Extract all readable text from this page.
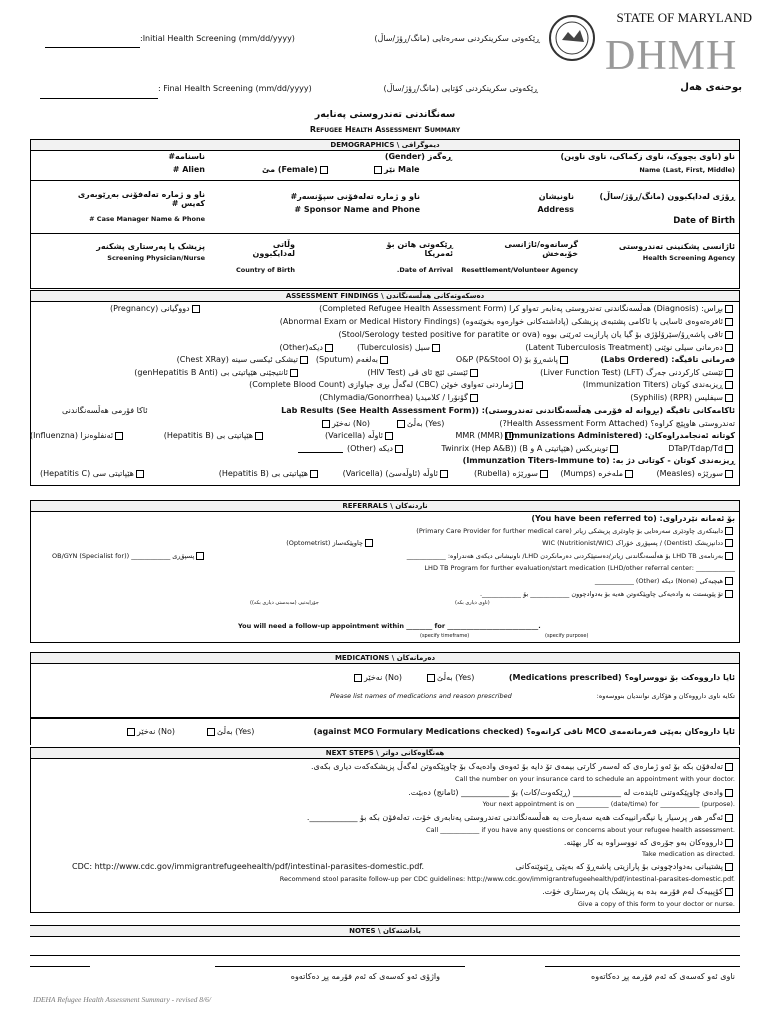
STATE OF MARYLAND
DHMH
بوحنەی هەل
:Initial Health Screening (mm/dd/yyyy)	ڕێکەوتی سکرینکردنی سەرەتایی (مانگ/ڕۆژ/ساڵ)
: Final Health Screening (mm/dd/yyyy)	ڕێکەوتی سکرینکردنی کۆتایی (مانگ/ڕۆژ/ساڵ)
سەنگاندنی تەندروستی پەنابەر
Refugee Health Assessment Summary
DEMOGRAPHICS \ دیموگرافی
ناو (ناوی بچووک، ناوی زکماکی، ناوی ناوین)
Name (Last, First, Middle)
ڕەگەز (Gender)
نێر Male
مێ (Female)
ناسنامە#
Alien #
ڕۆژی لەدایکبوون (مانگ/ڕۆژ/ساڵ)
Date of Birth
ناونیشان
Address
ناو و ژمارە تەلەفۆنی سپۆنسەر#
Sponsor Name and Phone #
ناو و ژمارە تەلەفۆنی بەڕێوبەری کەیس #
Case Manager Name & Phone #
ئاژانسی پشکنینی تەندروستی
Health Screening Agency
گرسانەوە/ئاژانسی خۆبەخش
Resettlement/Volunteer Agency
ڕێکەوتی هاتن بۆ ئەمریکا
Date of Arrival.
وڵاتی لەدایکبوون
Country of Birth
پزیشک یا پەرستاری پشکنەر
Screening Physician/Nurse
ASSESSMENT FINDINGS \ دەسکەوتەکانی هەڵسەنگاندن
بڕاس: (Diagnosis) هەڵسەنگاندنی تەندروستی پەنابەر تەواو کرا (Completed Refugee Health Assessment Form)
دووگیانی (Pregnancy)
ئافرەتەوەی ئاسایی یا ئاکامی پشتبەی پزیشکی (پاداشتەکانی خوارەوە بخوێنەوە) (Abnormal Exam or Medical History Findings)
تاقی پاشەڕۆ/سێرۆلۆژی بۆ گیا یان پارازیت ئەرێنی بووە (Stool/Serology tested positive for paratite or ova)
دەرمانی سیلی نوێنی (Latent Tuberculosis Treatment)
سیل (Tuberculosis)
دیکە(Other)
فەرمانی تاقیگە: (Labs Ordered)
پاشەڕۆ بۆ O&P (P&Stool O)
بەلغەم (Sputum)
تیشکی ئیکسی سینە (Chest XRay)
تێستی کارکردنی جەرگ (LFT) (Liver Function Test)
ئێستی ئێچ ئای ڤی (HIV Test)
ئانتیجێنی هێپاتیتی بی (genHepatitis B Anti)
ڕیزبەندی کوتان (Immunization Titers)
ژماردنی تەواوی خوێن (CBC) لەگەڵ بڕی جیاوازی (Complete Blood Count)
سیفلیس (RPR) (Syphilis)
گۆنۆرا / کلامیدیا (Chlymadia/Gonorrhea)
ئاکامەکانی تاقیگە (بڕوانە لە فۆرمی هەڵسەنگاندنی تەندروستی): (Lab Results (See Health Assessment Form)
ئاکا فۆرمی هەڵسەنگاندنی
تەندروستی هاوپێچ کراوە؟ (Health Assessment Form Attached?)
بەڵێ (Yes)
نەخێر (No)
کوتانە ئەنجامدراوەکان: (Immunizations Administered)
MMR (MMR)
ئاوڵە (Varicella)
هێپاتیتی بی (Hepatitis B)
ئەنفلوەنزا (Influenzna)
DTaP/Tdap/Td
توینریکس (هێپاتیتی A و B) (Twinrix (Hep A&B)
دیکە (Other)
ڕیزبەندی کوتان - کوتانی دژ بە: (Immunzation Titers-Immune to)
سورێژە (Measles)
ملەخرە (Mumps)
سورێژە (Rubella)
ئاوڵە (ئاوڵەسێ) (Varicella)
هێپاتیتی بی (Hepatitis B)
هێپاتیتی سی (Hepatitis C)
REFERRALS \ ناردنەکان
بۆ ئەمانە نێردراوی: (You have been referred to)
دابینکەری چاودێری سەرەتایی بۆ چاودێری پزیشکی زیاتر (Primary Care Provider for further medical care)
ددانپزیشک (Dentist) / پسپۆڕی خۆراک WIC (Nutritionist/WIC)
چاوپێکەساز (Optometrist)
بەرنامەی LHD TB بۆ هەڵسەنگاندنی زیاتر/دەستپێکردنی دەرمانکردن LHD/ ناونیشانی دیکەی هەندراوە: ____________
پسپۆڕی ____________ (OB/GYN (Specialist for)
LHD TB Program for further evaluation/start medication (LHD/other referral center: ____________
هیچیەکی (None) دیکە (Other) ____________
تۆ پێویستت بە وادەیەکی چاوپێکەوتن هەیە بۆ بەدوادچوون ____________ بۆ ____________.
(ناوی دیاری بکە)
(جۆرایەتیی (مەبەستی دیاری بکە)
You will need a follow-up appointment within ________ for ____________________________.
(specify timeframe)	(specify purpose)
MEDICATIONS \ دەرمانەکان
ئایا دارووەکت بۆ نووسراوە؟ (Medications prescribed)
بەڵێ (Yes)
نەخێر (No)
تکایە ناوی دارووەکان و هۆکاری نوانندیان بنووسەوە:
Please list names of medications and reason prescribed
ئایا داروەکان بەپێی فەرمانەمەی MCO ناقی کرانەوە؟ (against MCO Formulary Medications checked)
بەڵێ (Yes)
نەخێر (No)
NEXT STEPS \ هەنگاوەکانی دواتر
تەلەفۆن بکە بۆ ئەو ژمارەی کە لەسەر کارتی بیمەی تۆ دایە بۆ ئەوەی وادەیەک بۆ چاوپێکەوتن لەگەڵ پزیشکەکەت دیاری بکەی.
Call the number on your insurance card to schedule an appointment with your doctor.
وادەی چاوپێکەوتنی ئایندەت لە ____________ (ڕێکەوت/کات) بۆ ____________ (ئامانج) دەبێت.
Your next appointment is on __________ (date/time) for ____________ (purpose).
ئەگەر هەر پرسیار یا نیگەرانییەکت هەیە سەبارەت بە هەڵسەنگاندنی تەندروستی پەنابەری خۆت، تەلەفۆن بکە بۆ ____________.
Call ____________ if you have any questions or concerns about your refugee health assessment.
دارووەکان بەو جۆرەی کە نووسراوە بە کار بهێنە.
Take medication as directed.
پشتیبانی بەدوادچوونی بۆ پارازیتی پاشەڕۆ کە بەپێی ڕێنوێنەکانی
CDC: http://www.cdc.gov/immigrantrefugeehealth/pdf/intestinal-parasites-domestic.pdf.
Recommend stool parasite follow-up per CDC guidelines: http://www.cdc.gov/immigrantrefugeehealth/pdf/intestinal-parasites-domestic.pdf.
کۆپییەک لەم فۆرمە بدە بە پزیشک یان پەرستاری خۆت.
Give a copy of this form to your doctor or nurse.
NOTES \ یاداشتەکان
ناوی ئەو کەسەی کە ئەم فۆرمە پڕ دەکاتەوە
واژۆی ئەو کەسەی کە ئەم فۆرمە پڕ دەکاتەوە
IDEHA Refugee Health Assessment Summary - revised 8/6/
